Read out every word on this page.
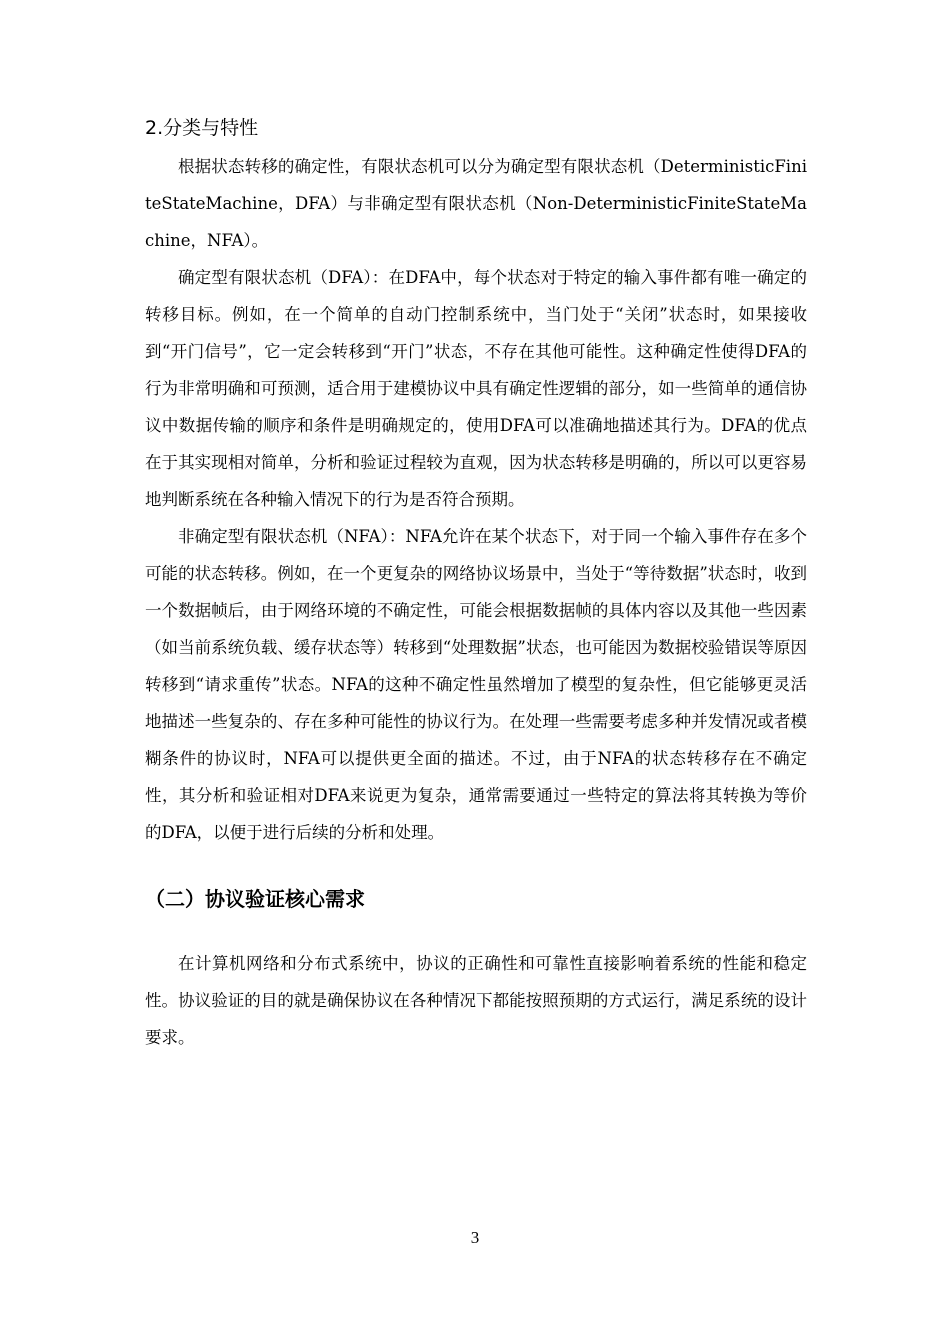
2.分类与特性

根据状态转移的确定性，有限状态机可以分为确定型有限状态机（DeterministicFiniteStateMachine，DFA）与非确定型有限状态机（Non-DeterministicFiniteStateMachine，NFA）。

确定型有限状态机（DFA）：在DFA中，每个状态对于特定的输入事件都有唯一确定的转移目标。例如，在一个简单的自动门控制系统中，当门处于“关闭”状态时，如果接收到“开门信号”，它一定会转移到“开门”状态，不存在其他可能性。这种确定性使得DFA的行为非常明确和可预测，适合用于建模协议中具有确定性逻辑的部分，如一些简单的通信协议中数据传输的顺序和条件是明确规定的，使用DFA可以准确地描述其行为。DFA的优点在于其实现相对简单，分析和验证过程较为直观，因为状态转移是明确的，所以可以更容易地判断系统在各种输入情况下的行为是否符合预期。

非确定型有限状态机（NFA）：NFA允许在某个状态下，对于同一个输入事件存在多个可能的状态转移。例如，在一个更复杂的网络协议场景中，当处于“等待数据”状态时，收到一个数据帧后，由于网络环境的不确定性，可能会根据数据帧的具体内容以及其他一些因素（如当前系统负载、缓存状态等）转移到“处理数据”状态，也可能因为数据校验错误等原因转移到“请求重传”状态。NFA的这种不确定性虽然增加了模型的复杂性，但它能够更灵活地描述一些复杂的、存在多种可能性的协议行为。在处理一些需要考虑多种并发情况或者模糊条件的协议时，NFA可以提供更全面的描述。不过，由于NFA的状态转移存在不确定性，其分析和验证相对DFA来说更为复杂，通常需要通过一些特定的算法将其转换为等价的DFA，以便于进行后续的分析和处理。

（二）协议验证核心需求

在计算机网络和分布式系统中，协议的正确性和可靠性直接影响着系统的性能和稳定性。协议验证的目的就是确保协议在各种情况下都能按照预期的方式运行，满足系统的设计要求。

3
